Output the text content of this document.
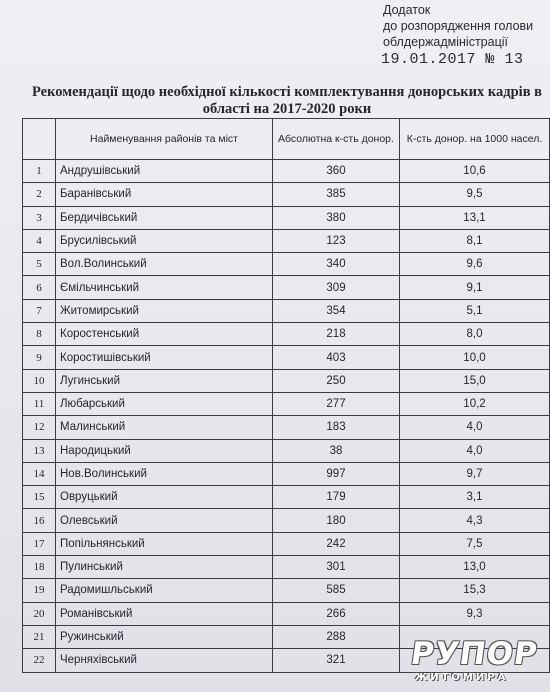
Додаток
до розпорядження голови
облдержадміністрації
19.01.2017 № 13
Рекомендації щодо необхідної кількості комплектування донорських кадрів в
області на 2017-2020 роки
	Найменування районів та міст	Абсолютна к-сть донор.	К-сть донор. на 1000 насел.
1	Андрушівський	360	10,6
2	Баранівський	385	9,5
3	Бердичівський	380	13,1
4	Брусилівський	123	8,1
5	Вол.Волинський	340	9,6
6	Ємільчинський	309	9,1
7	Житомирський	354	5,1
8	Коростенський	218	8,0
9	Коростишівський	403	10,0
10	Лугинський	250	15,0
11	Любарський	277	10,2
12	Малинський	183	4,0
13	Народицький	38	4,0
14	Нов.Волинський	997	9,7
15	Овруцький	179	3,1
16	Олевський	180	4,3
17	Попільнянський	242	7,5
18	Пулинський	301	13,0
19	Радомишльський	585	15,3
20	Романівський	266	9,3
21	Ружинський	288	
22	Черняхівський	321	РУПОР
ЖИТОМИРА
